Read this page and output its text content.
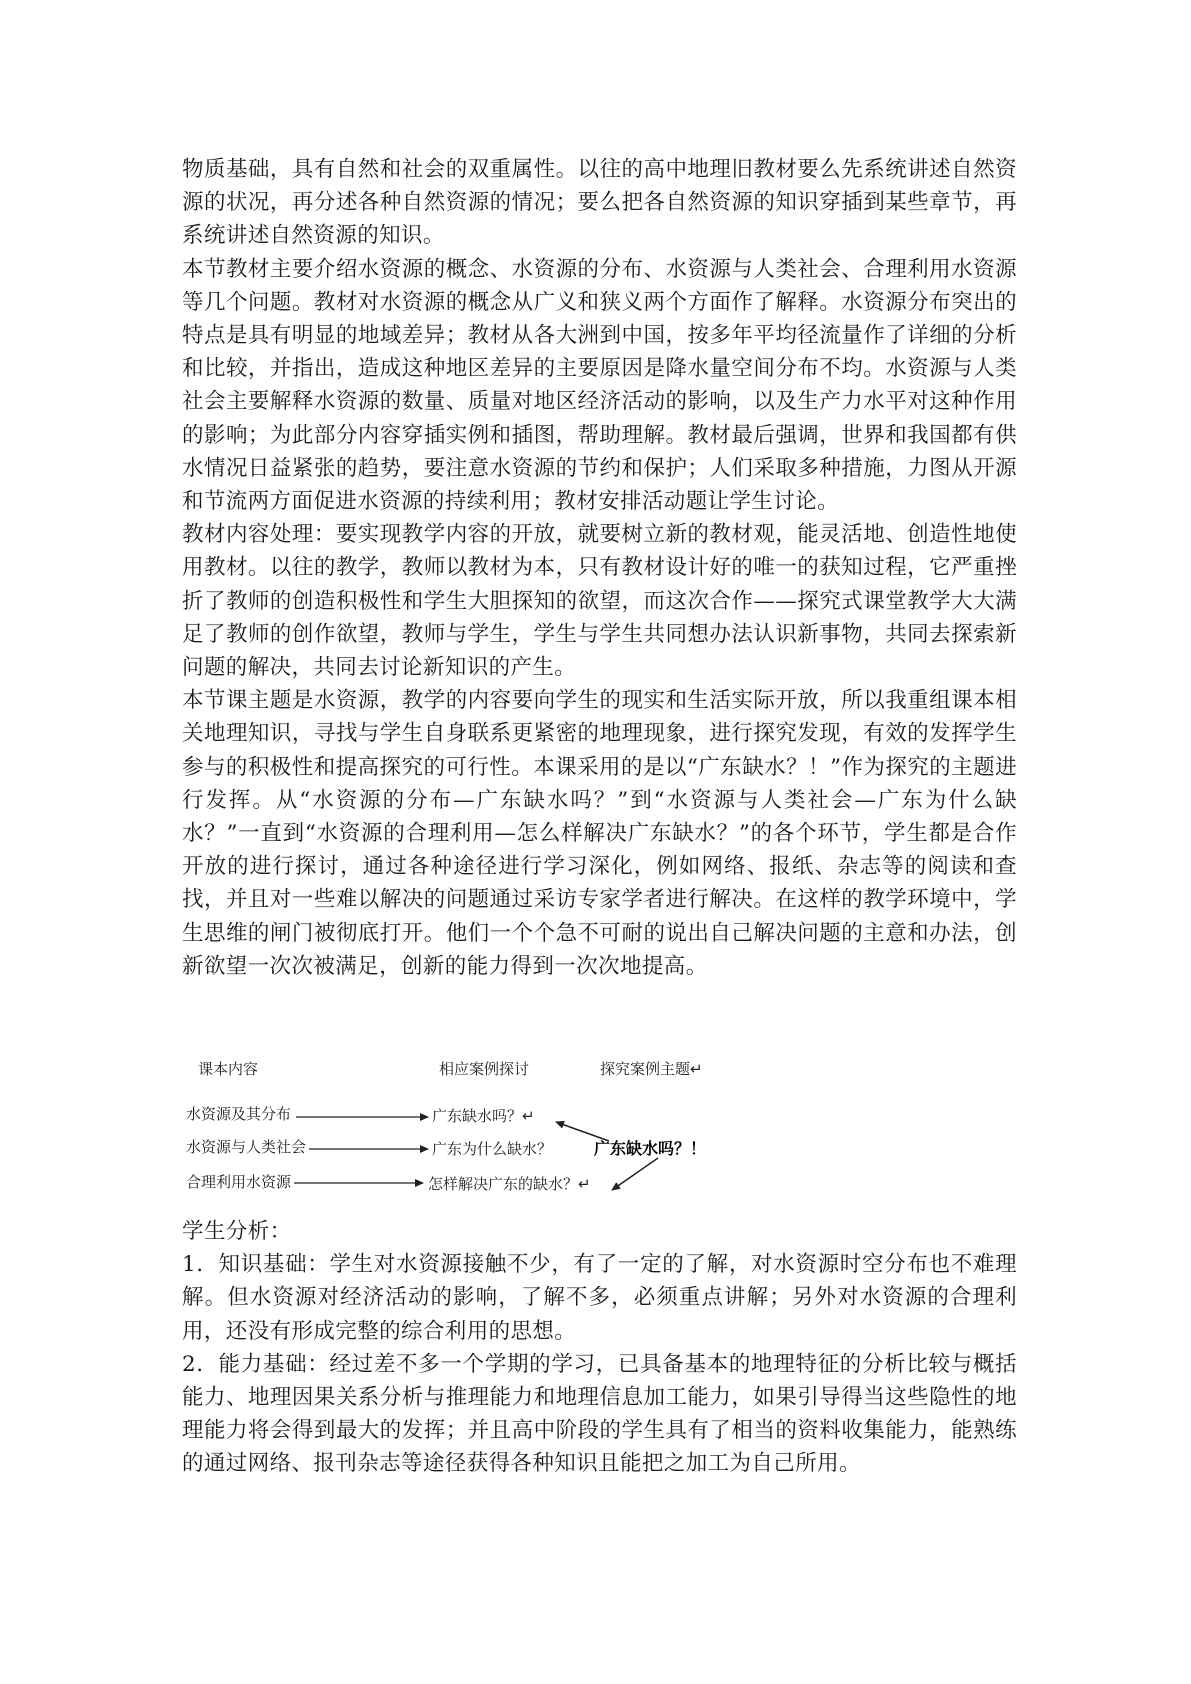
物质基础，具有自然和社会的双重属性。以往的高中地理旧教材要么先系统讲述自然资源的状况，再分述各种自然资源的情况；要么把各自然资源的知识穿插到某些章节，再系统讲述自然资源的知识。

本节教材主要介绍水资源的概念、水资源的分布、水资源与人类社会、合理利用水资源等几个问题。教材对水资源的概念从广义和狭义两个方面作了解释。水资源分布突出的特点是具有明显的地域差异；教材从各大洲到中国，按多年平均径流量作了详细的分析和比较，并指出，造成这种地区差异的主要原因是降水量空间分布不均。水资源与人类社会主要解释水资源的数量、质量对地区经济活动的影响，以及生产力水平对这种作用的影响；为此部分内容穿插实例和插图，帮助理解。教材最后强调，世界和我国都有供水情况日益紧张的趋势，要注意水资源的节约和保护；人们采取多种措施，力图从开源和节流两方面促进水资源的持续利用；教材安排活动题让学生讨论。

教材内容处理：要实现教学内容的开放，就要树立新的教材观，能灵活地、创造性地使用教材。以往的教学，教师以教材为本，只有教材设计好的唯一的获知过程，它严重挫折了教师的创造积极性和学生大胆探知的欲望，而这次合作——探究式课堂教学大大满足了教师的创作欲望，教师与学生，学生与学生共同想办法认识新事物，共同去探索新问题的解决，共同去讨论新知识的产生。

本节课主题是水资源，教学的内容要向学生的现实和生活实际开放，所以我重组课本相关地理知识，寻找与学生自身联系更紧密的地理现象，进行探究发现，有效的发挥学生参与的积极性和提高探究的可行性。本课采用的是以“广东缺水？！”作为探究的主题进行发挥。从“水资源的分布—广东缺水吗？”到“水资源与人类社会—广东为什么缺水？”一直到“水资源的合理利用—怎么样解决广东缺水？”的各个环节，学生都是合作开放的进行探讨，通过各种途径进行学习深化，例如网络、报纸、杂志等的阅读和查找，并且对一些难以解决的问题通过采访专家学者进行解决。在这样的教学环境中，学生思维的闸门被彻底打开。他们一个个急不可耐的说出自己解决问题的主意和办法，创新欲望一次次被满足，创新的能力得到一次次地提高。

课本内容	相应案例探讨	探究案例主题↵
水资源及其分布	广东缺水吗？↵
水资源与人类社会	广东为什么缺水？	广东缺水吗？！
合理利用水资源	怎样解决广东的缺水？↵

学生分析：

1．知识基础：学生对水资源接触不少，有了一定的了解，对水资源时空分布也不难理解。但水资源对经济活动的影响，了解不多，必须重点讲解；另外对水资源的合理利用，还没有形成完整的综合利用的思想。

2．能力基础：经过差不多一个学期的学习，已具备基本的地理特征的分析比较与概括能力、地理因果关系分析与推理能力和地理信息加工能力，如果引导得当这些隐性的地理能力将会得到最大的发挥；并且高中阶段的学生具有了相当的资料收集能力，能熟练的通过网络、报刊杂志等途径获得各种知识且能把之加工为自己所用。
